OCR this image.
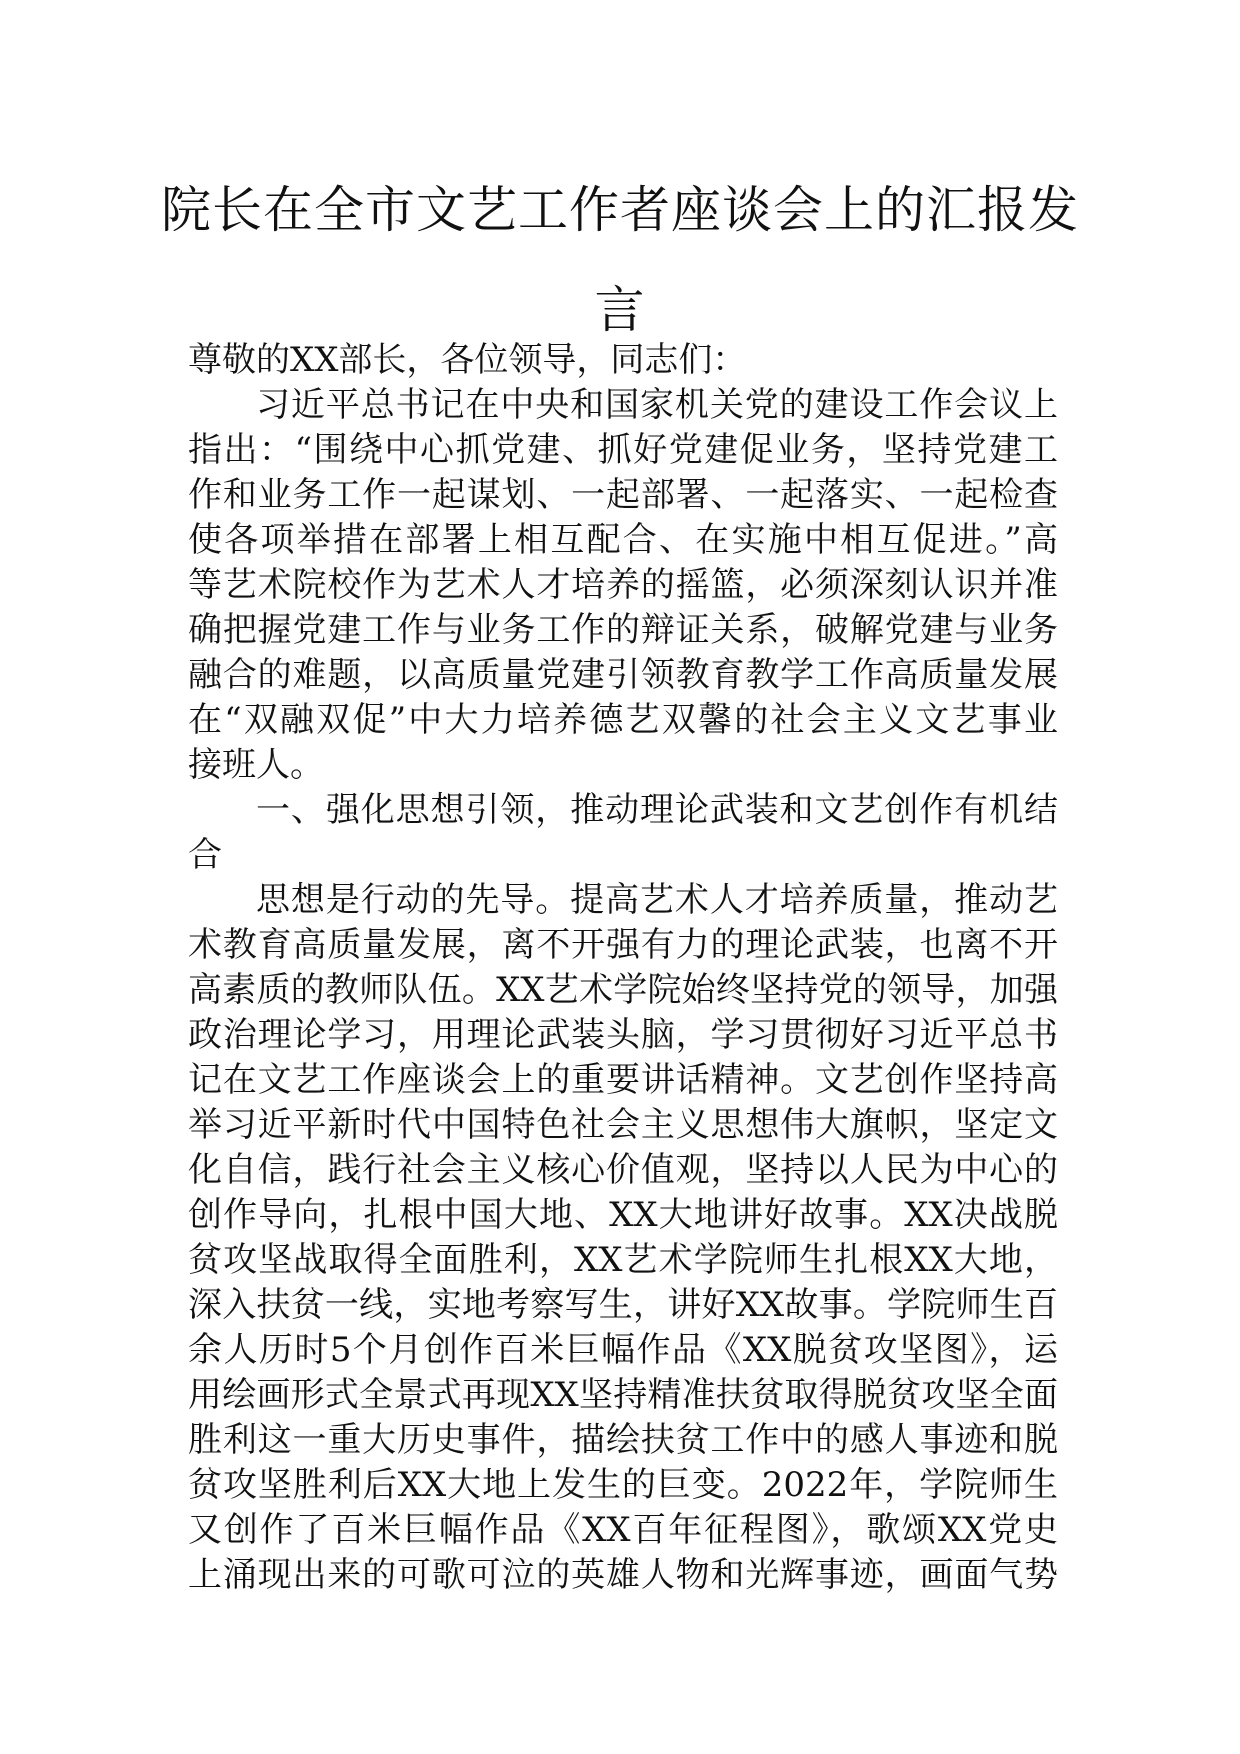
院长在全市文艺工作者座谈会上的汇报发
言
尊敬的XX部长，各位领导，同志们：
习近平总书记在中央和国家机关党的建设工作会议上
指出：“围绕中心抓党建、抓好党建促业务，坚持党建工
作和业务工作一起谋划、一起部署、一起落实、一起检查
使各项举措在部署上相互配合、在实施中相互促进。”高
等艺术院校作为艺术人才培养的摇篮，必须深刻认识并准
确把握党建工作与业务工作的辩证关系，破解党建与业务
融合的难题，以高质量党建引领教育教学工作高质量发展
在“双融双促”中大力培养德艺双馨的社会主义文艺事业
接班人。
一、强化思想引领，推动理论武装和文艺创作有机结
合
思想是行动的先导。提高艺术人才培养质量，推动艺
术教育高质量发展，离不开强有力的理论武装，也离不开
高素质的教师队伍。XX艺术学院始终坚持党的领导，加强
政治理论学习，用理论武装头脑，学习贯彻好习近平总书
记在文艺工作座谈会上的重要讲话精神。文艺创作坚持高
举习近平新时代中国特色社会主义思想伟大旗帜，坚定文
化自信，践行社会主义核心价值观，坚持以人民为中心的
创作导向，扎根中国大地、XX大地讲好故事。XX决战脱
贫攻坚战取得全面胜利，XX艺术学院师生扎根XX大地，
深入扶贫一线，实地考察写生，讲好XX故事。学院师生百
余人历时5个月创作百米巨幅作品《XX脱贫攻坚图》，运
用绘画形式全景式再现XX坚持精准扶贫取得脱贫攻坚全面
胜利这一重大历史事件，描绘扶贫工作中的感人事迹和脱
贫攻坚胜利后XX大地上发生的巨变。2022年，学院师生
又创作了百米巨幅作品《XX百年征程图》，歌颂XX党史
上涌现出来的可歌可泣的英雄人物和光辉事迹，画面气势
